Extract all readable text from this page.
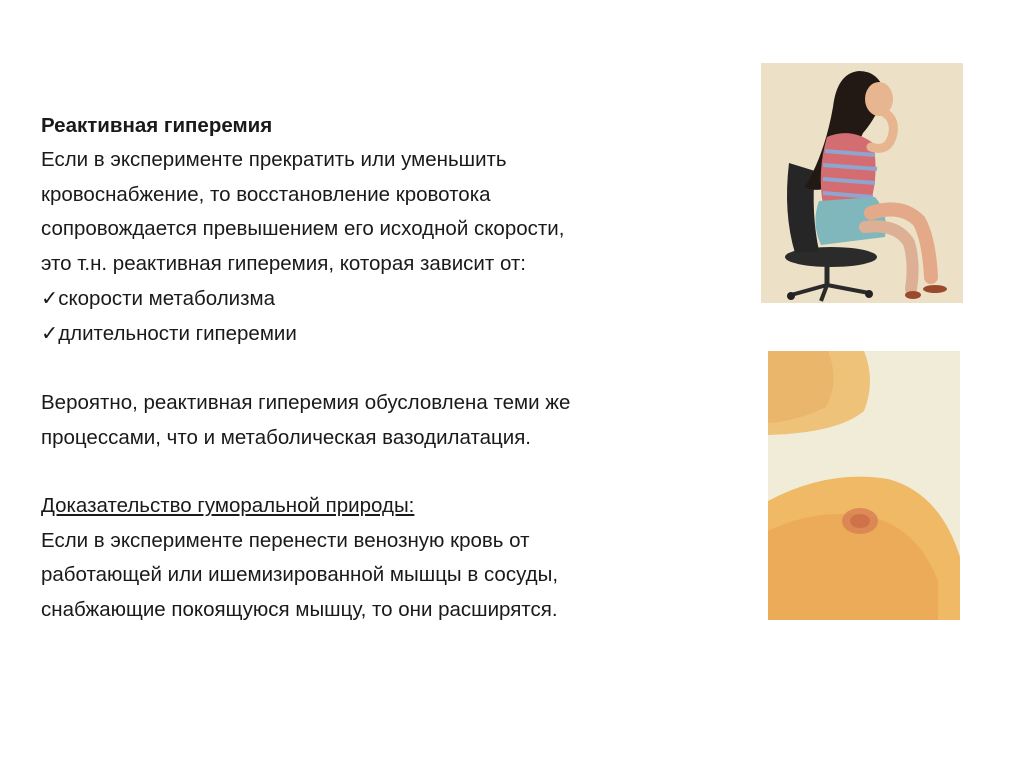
Реактивная гиперемия

Если в эксперименте прекратить или уменьшить

кровоснабжение, то восстановление кровотока

сопровождается превышением его исходной скорости,

это т.н. реактивная гиперемия, которая зависит от:

✓скорости метаболизма

✓длительности гиперемии

Вероятно, реактивная гиперемия обусловлена теми же

процессами, что и метаболическая вазодилатация.

Доказательство гуморальной природы:

Если в эксперименте перенести венозную кровь от

работающей или ишемизированной мышцы в сосуды,

снабжающие покоящуюся мышцу, то они расширятся.
